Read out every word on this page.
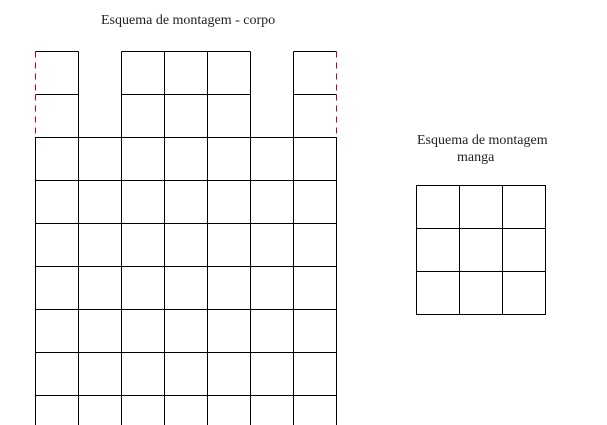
Esquema de montagem - corpo
Esquema de montagem
manga
